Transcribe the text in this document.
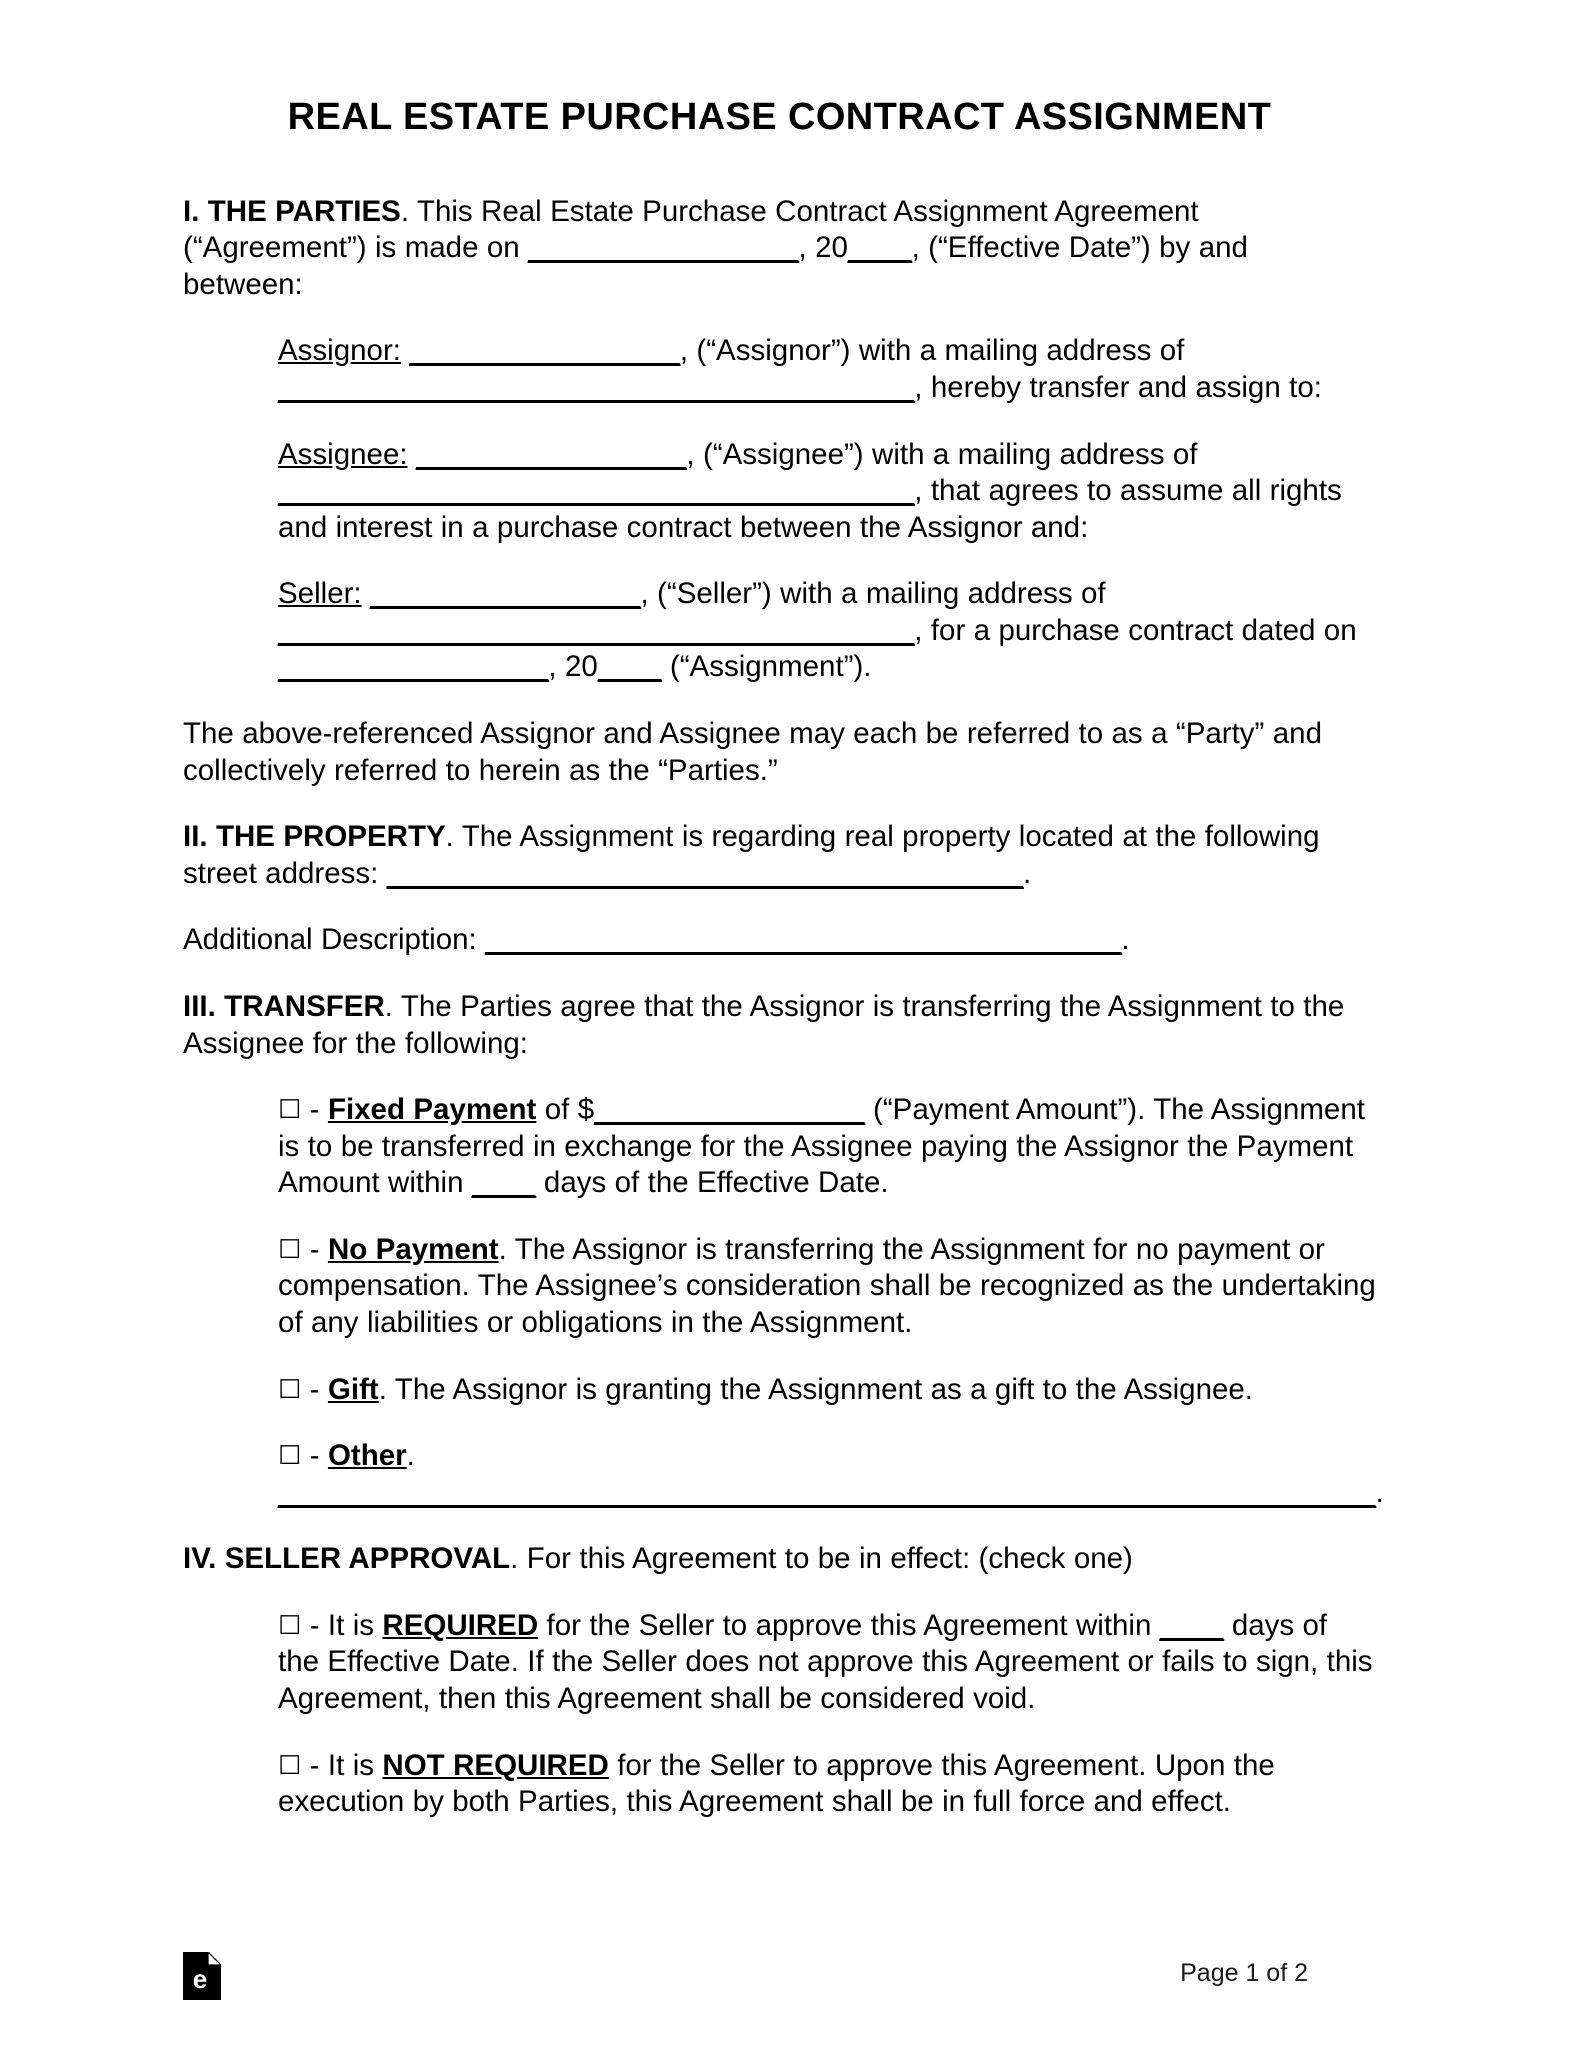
REAL ESTATE PURCHASE CONTRACT ASSIGNMENT

I. THE PARTIES. This Real Estate Purchase Contract Assignment Agreement (“Agreement”) is made on _________________, 20____, (“Effective Date”) by and between:

Assignor: _________________, (“Assignor”) with a mailing address of
________________________________________, hereby transfer and assign to:

Assignee: _________________, (“Assignee”) with a mailing address of
________________________________________, that agrees to assume all rights and interest in a purchase contract between the Assignor and:

Seller: _________________, (“Seller”) with a mailing address of
________________________________________, for a purchase contract dated on
_________________, 20____ (“Assignment”).

The above-referenced Assignor and Assignee may each be referred to as a “Party” and collectively referred to herein as the “Parties.”

II. THE PROPERTY. The Assignment is regarding real property located at the following street address: ________________________________________.

Additional Description: ________________________________________.

III. TRANSFER. The Parties agree that the Assignor is transferring the Assignment to the Assignee for the following:

☐ - Fixed Payment of $_________________ (“Payment Amount”). The Assignment is to be transferred in exchange for the Assignee paying the Assignor the Payment Amount within ____ days of the Effective Date.

☐ - No Payment. The Assignor is transferring the Assignment for no payment or compensation. The Assignee’s consideration shall be recognized as the undertaking of any liabilities or obligations in the Assignment.

☐ - Gift. The Assignor is granting the Assignment as a gift to the Assignee.

☐ - Other. _____________________________________________________________________.

IV. SELLER APPROVAL. For this Agreement to be in effect: (check one)

☐ - It is REQUIRED for the Seller to approve this Agreement within ____ days of the Effective Date. If the Seller does not approve this Agreement or fails to sign, this Agreement, then this Agreement shall be considered void.

☐ - It is NOT REQUIRED for the Seller to approve this Agreement. Upon the execution by both Parties, this Agreement shall be in full force and effect.

e	Page 1 of 2
